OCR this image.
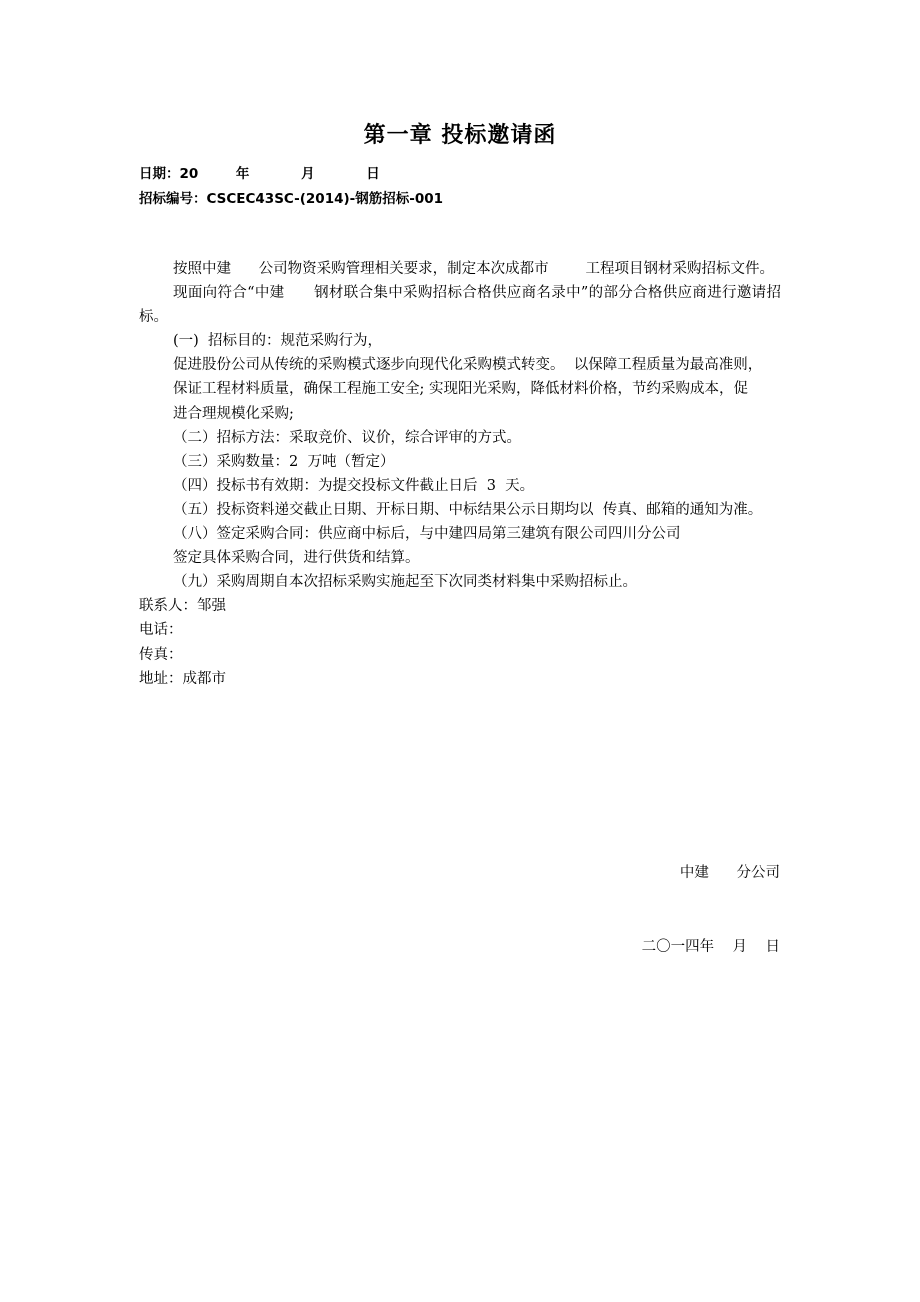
第一章 投标邀请函
日期：20        年           月           日
招标编号：CSCEC43SC-(2014)-钢筋招标-001

按照中建      公司物资采购管理相关要求，制定本次成都市        工程项目钢材采购招标文件。

现面向符合“中建      钢材联合集中采购招标合格供应商名录中”的部分合格供应商进行邀请招标。

(一)  招标目的：规范采购行为，

促进股份公司从传统的采购模式逐步向现代化采购模式转变。  以保障工程质量为最高准则，

保证工程材料质量，确保工程施工安全; 实现阳光采购，降低材料价格，节约采购成本，促

进合理规模化采购;

（二）招标方法：采取竞价、议价，综合评审的方式。

（三）采购数量：2  万吨（暂定）

（四）投标书有效期：为提交投标文件截止日后  3  天。

（五）投标资料递交截止日期、开标日期、中标结果公示日期均以  传真、邮箱的通知为准。

（八）签定采购合同：供应商中标后，与中建四局第三建筑有限公司四川分公司

签定具体采购合同，进行供货和结算。

（九）采购周期自本次招标采购实施起至下次同类材料集中采购招标止。

联系人：邹强

电话：

传真：

地址：成都市

中建      分公司

二〇一四年    月    日
